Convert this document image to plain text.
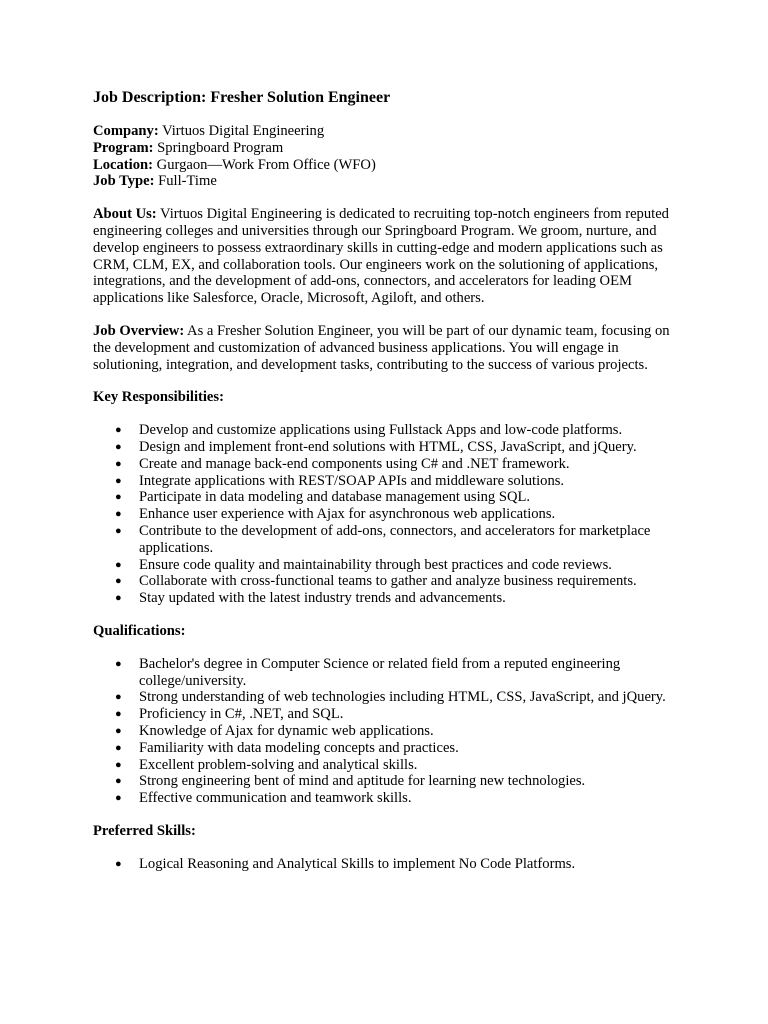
Job Description: Fresher Solution Engineer

Company: Virtuos Digital Engineering

Program: Springboard Program

Location: Gurgaon—Work From Office (WFO)

Job Type: Full-Time

About Us: Virtuos Digital Engineering is dedicated to recruiting top-notch engineers from reputed engineering colleges and universities through our Springboard Program. We groom, nurture, and develop engineers to possess extraordinary skills in cutting-edge and modern applications such as CRM, CLM, EX, and collaboration tools. Our engineers work on the solutioning of applications, integrations, and the development of add-ons, connectors, and accelerators for leading OEM applications like Salesforce, Oracle, Microsoft, Agiloft, and others.

Job Overview: As a Fresher Solution Engineer, you will be part of our dynamic team, focusing on the development and customization of advanced business applications. You will engage in solutioning, integration, and development tasks, contributing to the success of various projects.

Key Responsibilities:

● Develop and customize applications using Fullstack Apps and low-code platforms.
● Design and implement front-end solutions with HTML, CSS, JavaScript, and jQuery.
● Create and manage back-end components using C# and .NET framework.
● Integrate applications with REST/SOAP APIs and middleware solutions.
● Participate in data modeling and database management using SQL.
● Enhance user experience with Ajax for asynchronous web applications.
● Contribute to the development of add-ons, connectors, and accelerators for marketplace applications.
● Ensure code quality and maintainability through best practices and code reviews.
● Collaborate with cross-functional teams to gather and analyze business requirements.
● Stay updated with the latest industry trends and advancements.

Qualifications:

● Bachelor's degree in Computer Science or related field from a reputed engineering college/university.
● Strong understanding of web technologies including HTML, CSS, JavaScript, and jQuery.
● Proficiency in C#, .NET, and SQL.
● Knowledge of Ajax for dynamic web applications.
● Familiarity with data modeling concepts and practices.
● Excellent problem-solving and analytical skills.
● Strong engineering bent of mind and aptitude for learning new technologies.
● Effective communication and teamwork skills.

Preferred Skills:

● Logical Reasoning and Analytical Skills to implement No Code Platforms.
